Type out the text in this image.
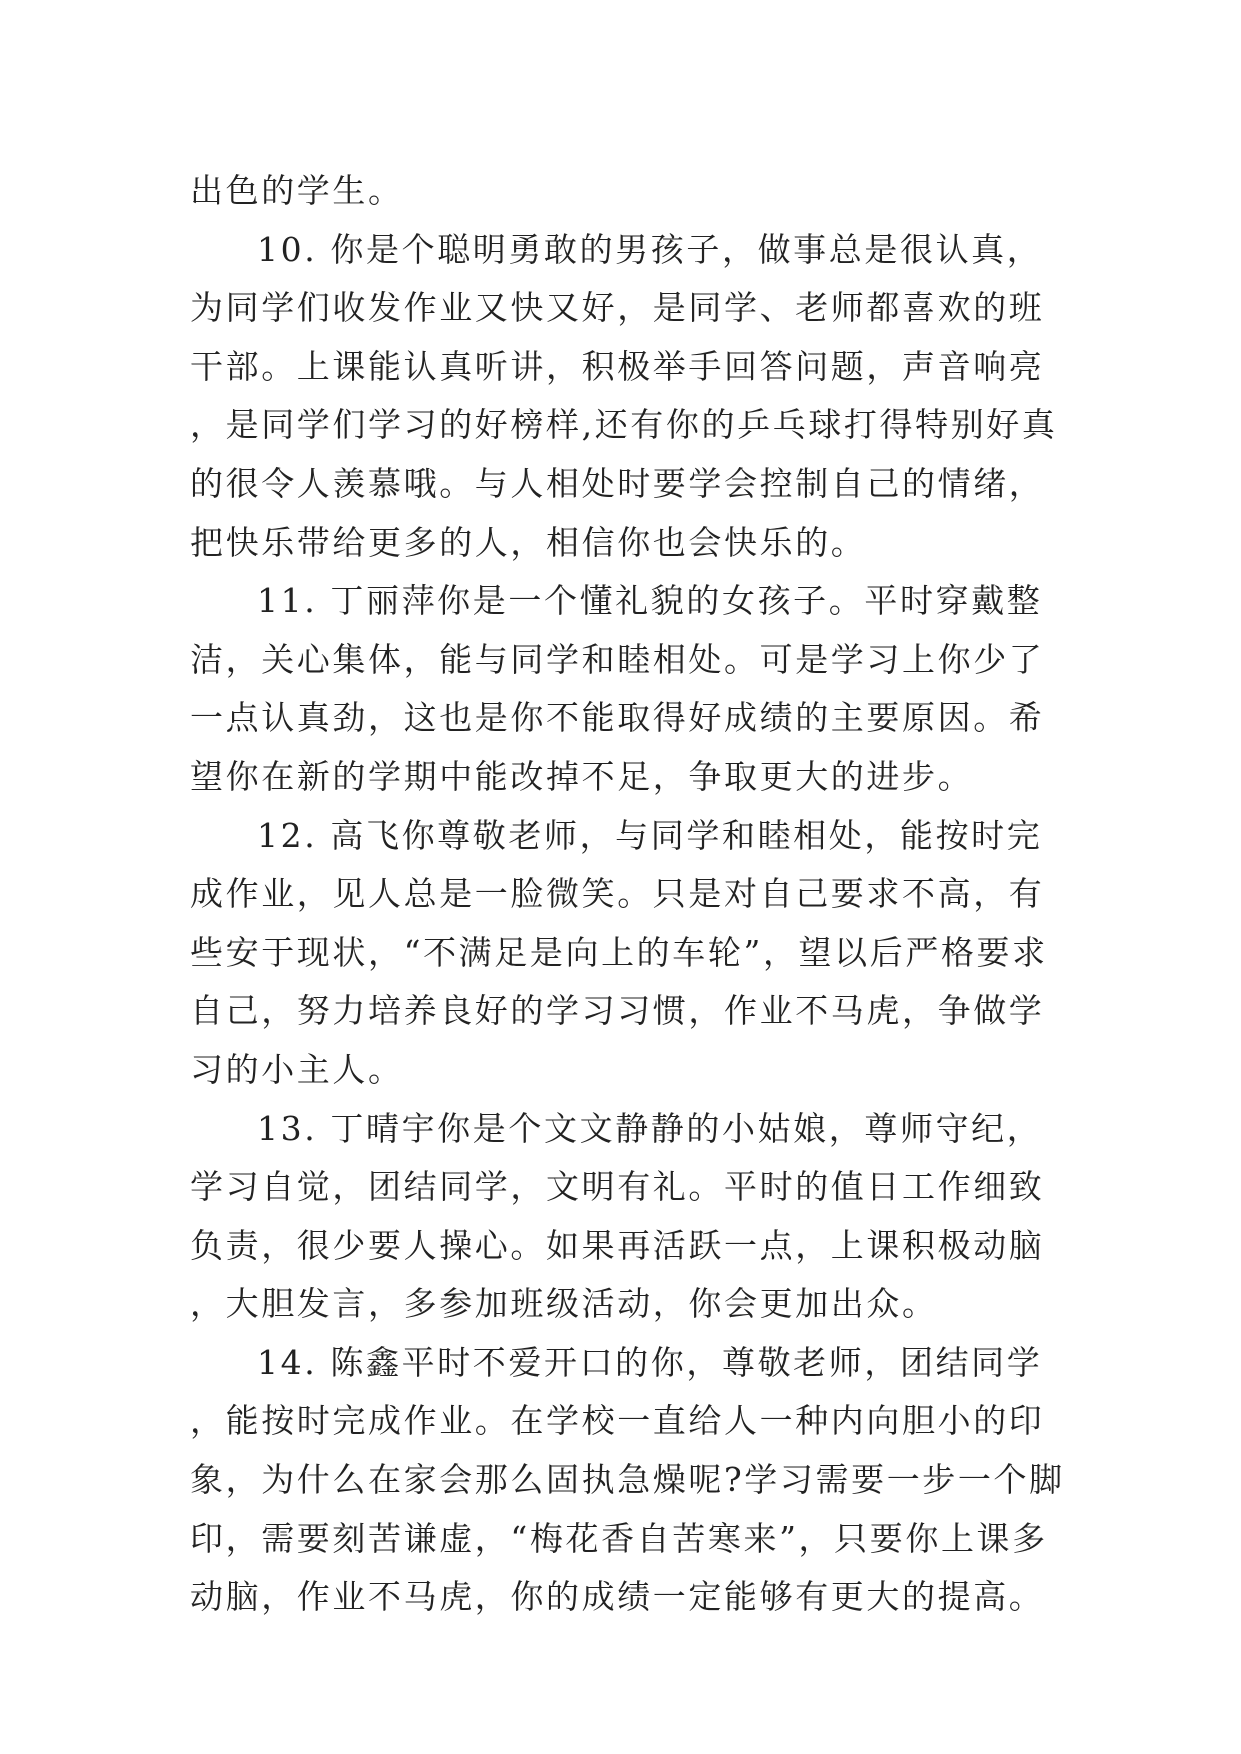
出色的学生。

10. 你是个聪明勇敢的男孩子，做事总是很认真，为同学们收发作业又快又好，是同学、老师都喜欢的班干部。上课能认真听讲，积极举手回答问题，声音响亮，是同学们学习的好榜样,还有你的乒乓球打得特别好真的很令人羡慕哦。与人相处时要学会控制自己的情绪，把快乐带给更多的人，相信你也会快乐的。

11. 丁丽萍你是一个懂礼貌的女孩子。平时穿戴整洁，关心集体，能与同学和睦相处。可是学习上你少了一点认真劲，这也是你不能取得好成绩的主要原因。希望你在新的学期中能改掉不足，争取更大的进步。

12. 高飞你尊敬老师，与同学和睦相处，能按时完成作业，见人总是一脸微笑。只是对自己要求不高，有些安于现状，“不满足是向上的车轮”，望以后严格要求自己，努力培养良好的学习习惯，作业不马虎，争做学习的小主人。

13. 丁晴宇你是个文文静静的小姑娘，尊师守纪，学习自觉，团结同学，文明有礼。平时的值日工作细致负责，很少要人操心。如果再活跃一点，上课积极动脑，大胆发言，多参加班级活动，你会更加出众。

14. 陈鑫平时不爱开口的你，尊敬老师，团结同学，能按时完成作业。在学校一直给人一种内向胆小的印象，为什么在家会那么固执急燥呢?学习需要一步一个脚印，需要刻苦谦虚，“梅花香自苦寒来”，只要你上课多动脑，作业不马虎，你的成绩一定能够有更大的提高。
